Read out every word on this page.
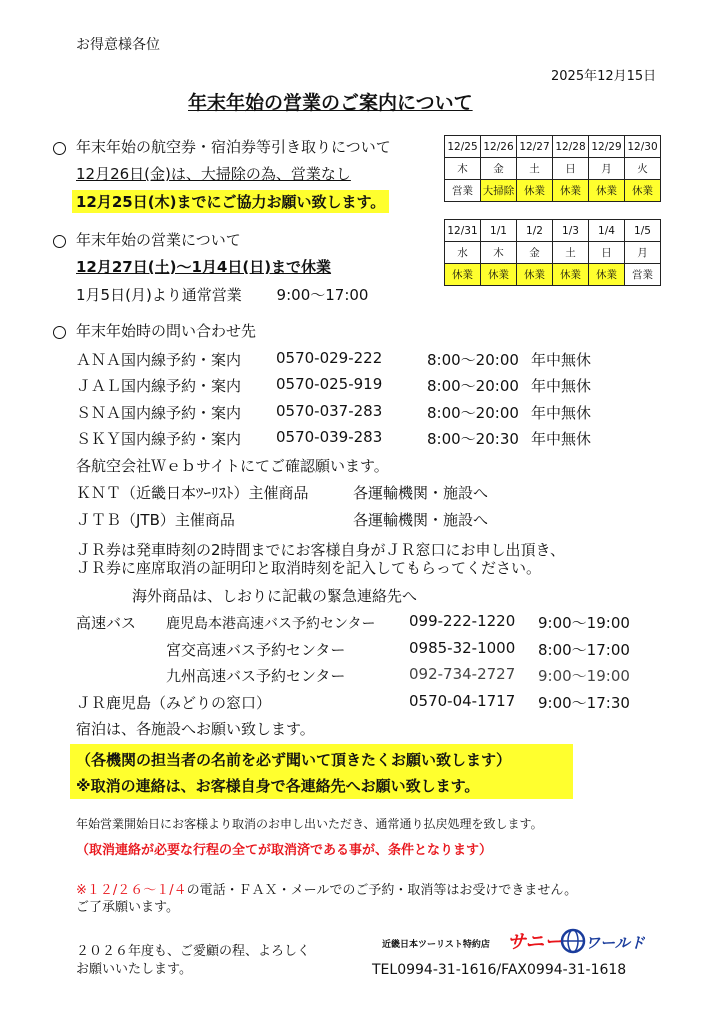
お得意様各位
2025年12月15日
年末年始の営業のご案内について
年末年始の航空券・宿泊券等引き取りについて
12月26日(金)は、大掃除の為、営業なし
12月25日(木)までにご協力お願い致します。
年末年始の営業について
12月27日(土)～1月4日(日)まで休業
1月5日(月)より通常営業　 　9:00～17:00
12/25	12/26	12/27	12/28	12/29	12/30
木	金	土	日	月	火
営業	大掃除	休業	休業	休業	休業
12/31	1/1	1/2	1/3	1/4	1/5
水	木	金	土	日	月
休業	休業	休業	休業	休業	営業
年末年始時の問い合わせ先
ＡＮＡ国内線予約・案内 0570-029-222	8:00～20:00 年中無休
ＪＡＬ国内線予約・案内 0570-025-919	8:00～20:00 年中無休
ＳＮＡ国内線予約・案内 0570-037-283	8:00～20:00 年中無休
ＳＫＹ国内線予約・案内 0570-039-283	8:00～20:30 年中無休
各航空会社Ｗｅｂサイトにてご確認願います。
ＫＮＴ（近畿日本ﾂｰﾘｽﾄ）主催商品	各運輸機関・施設へ
ＪＴＢ（JTB）主催商品	各運輸機関・施設へ
ＪＲ券は発車時刻の2時間までにお客様自身がＪＲ窓口にお申し出頂き、
ＪＲ券に座席取消の証明印と取消時刻を記入してもらってください。
海外商品は、しおりに記載の緊急連絡先へ
高速バス 鹿児島本港高速バス予約センター 099-222-1220 9:00～19:00
宮交高速バス予約センター	0985-32-1000 8:00～17:00
九州高速バス予約センター	092-734-2727 9:00～19:00
ＪＲ鹿児島（みどりの窓口）	0570-04-1717 9:00～17:30
宿泊は、各施設へお願い致します。
（各機関の担当者の名前を必ず聞いて頂きたくお願い致します）
※取消の連絡は、お客様自身で各連絡先へお願い致します。
年始営業開始日にお客様より取消のお申し出いただき、通常通り払戻処理を致します。
（取消連絡が必要な行程の全てが取消済である事が、条件となります）
※１２/２６～１/４の電話・ＦＡＸ・メールでのご予約・取消等はお受けできません。
ご了承願います。
２０２６年度も、ご愛顧の程、よろしく
お願いいたします。
近畿日本ツーリスト特約店 サニー ワールド
TEL0994-31-1616/FAX0994-31-1618
